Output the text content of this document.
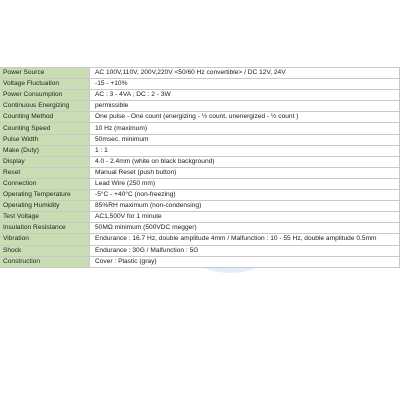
Power Source	AC 100V,110V, 200V,220V <50/60 Hz convertible> / DC 12V, 24V
Voltage Fluctuation	-15 - +10%
Power Consumption	AC : 3 - 4VA ; DC : 2 - 3W
Continuous Energizing	permissible
Counting Method	One pulse - One count (energizing - ½ count, unenergized - ½ count )
Counting Speed	10 Hz (maximum)
Pulse Width	50msec. minimum
Make (Duty)	1 : 1
Display	4.0 - 2.4mm (white on black background)
Reset	Manual Reset (push button)
Connection	Lead Wire (250 mm)
Operating Temperature	-5°C - +40°C (non-freezing)
Operating Humidity	85%RH maximum (non-condensing)
Test Voltage	AC1,500V for 1 minute
Insulation Resistance	50MΩ minimum (500VDC megger)
Vibration	Endurance : 16.7 Hz, double amplitude 4mm / Malfunction : 10 - 55 Hz, double amplitude 0.5mm
Shock	Endurance : 30G / Malfunction : 5G
Construction	Cover : Plastic (gray)
